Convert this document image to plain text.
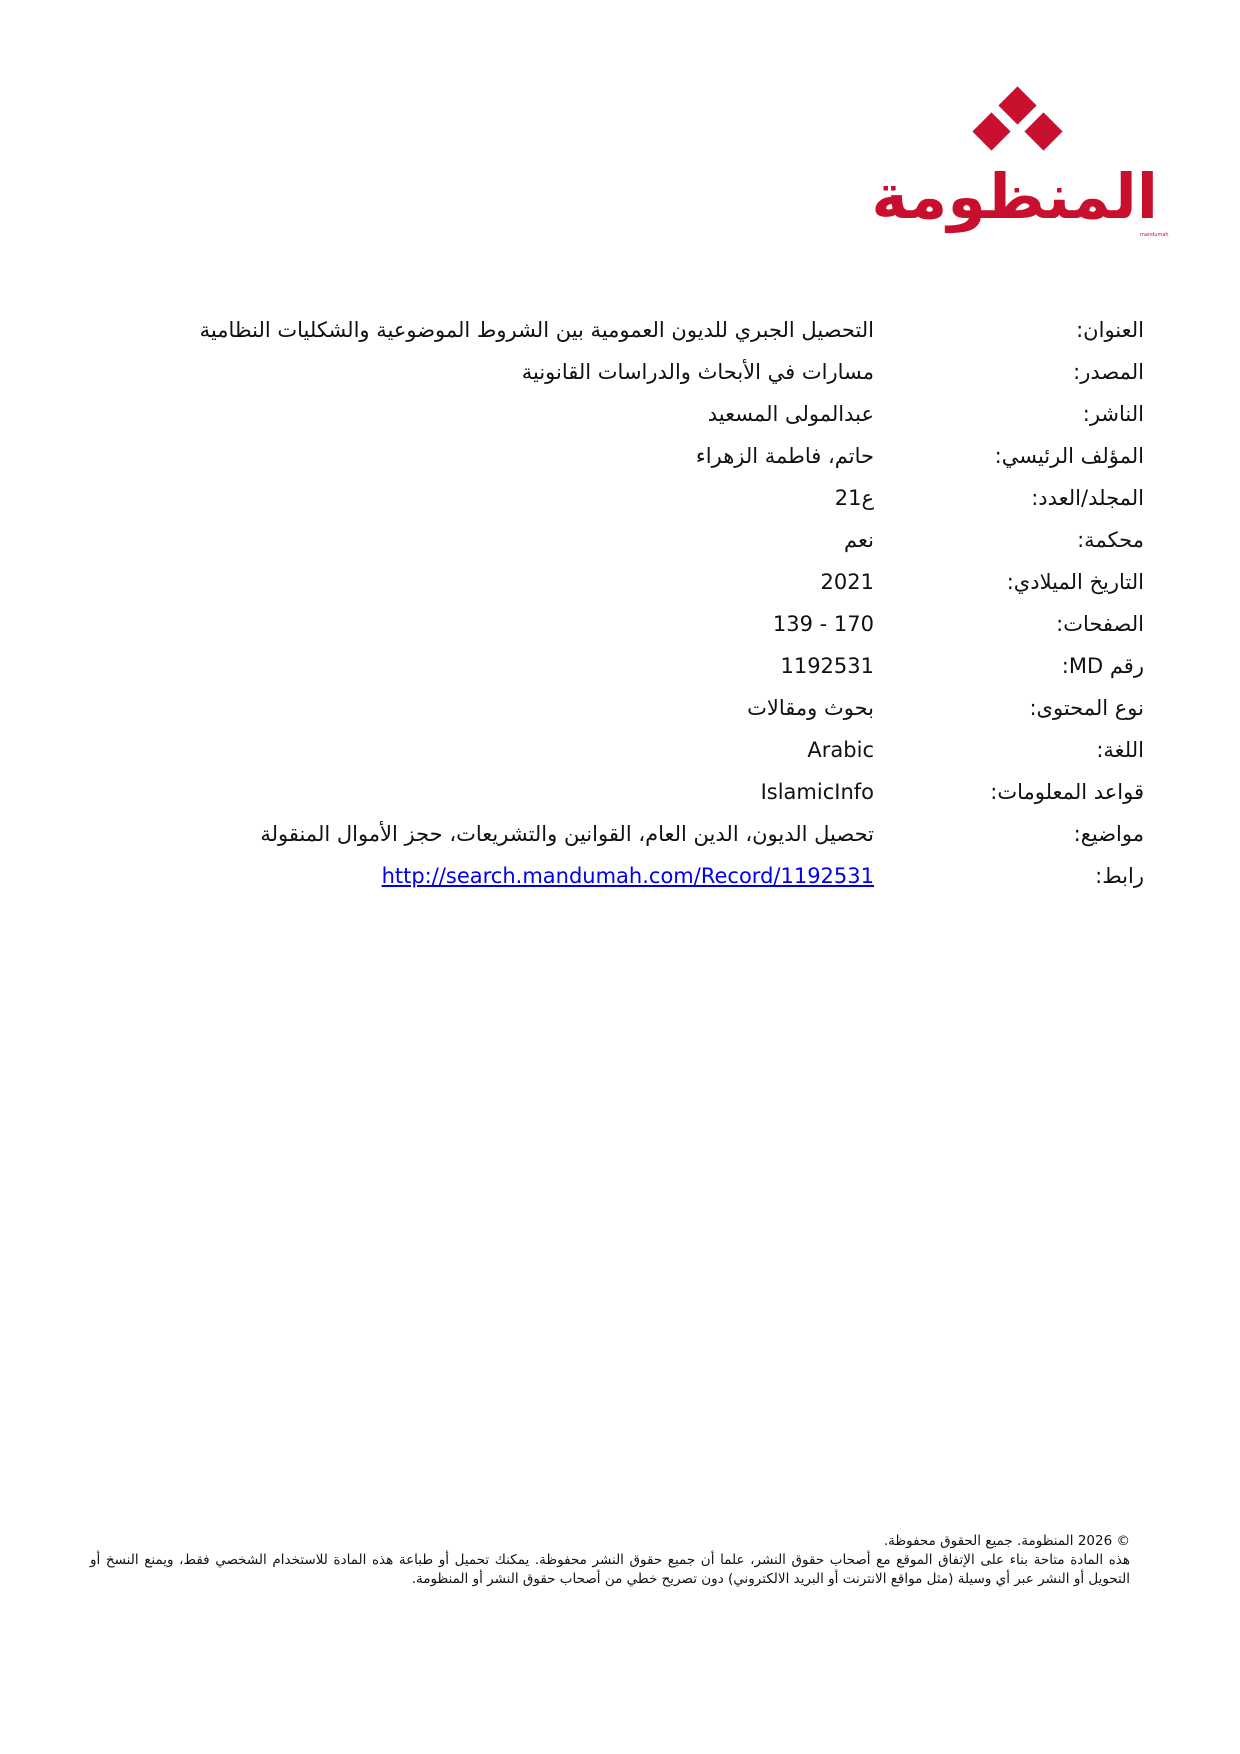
المنظومة
mandumah
العنوان:
التحصيل الجبري للديون العمومية بين الشروط الموضوعية والشكليات النظامية
المصدر:
مسارات في الأبحاث والدراسات القانونية
الناشر:
عبدالمولى المسعيد
المؤلف الرئيسي:
حاتم، فاطمة الزهراء
المجلد/العدد:
ع21
محكمة:
نعم
التاريخ الميلادي:
2021
الصفحات:
139 - 170
رقم MD:
1192531
نوع المحتوى:
بحوث ومقالات
اللغة:
Arabic
قواعد المعلومات:
IslamicInfo
مواضيع:
تحصيل الديون، الدين العام، القوانين والتشريعات، حجز الأموال المنقولة
رابط:
http://search.mandumah.com/Record/1192531
© 2026 المنظومة. جميع الحقوق محفوظة.
هذه المادة متاحة بناء على الإتفاق الموقع مع أصحاب حقوق النشر، علما أن جميع حقوق النشر محفوظة. يمكنك تحميل أو طباعة هذه المادة للاستخدام الشخصي فقط، ويمنع النسخ أو التحويل أو النشر عبر أي وسيلة (مثل مواقع الانترنت أو البريد الالكتروني) دون تصريح خطي من أصحاب حقوق النشر أو المنظومة.
